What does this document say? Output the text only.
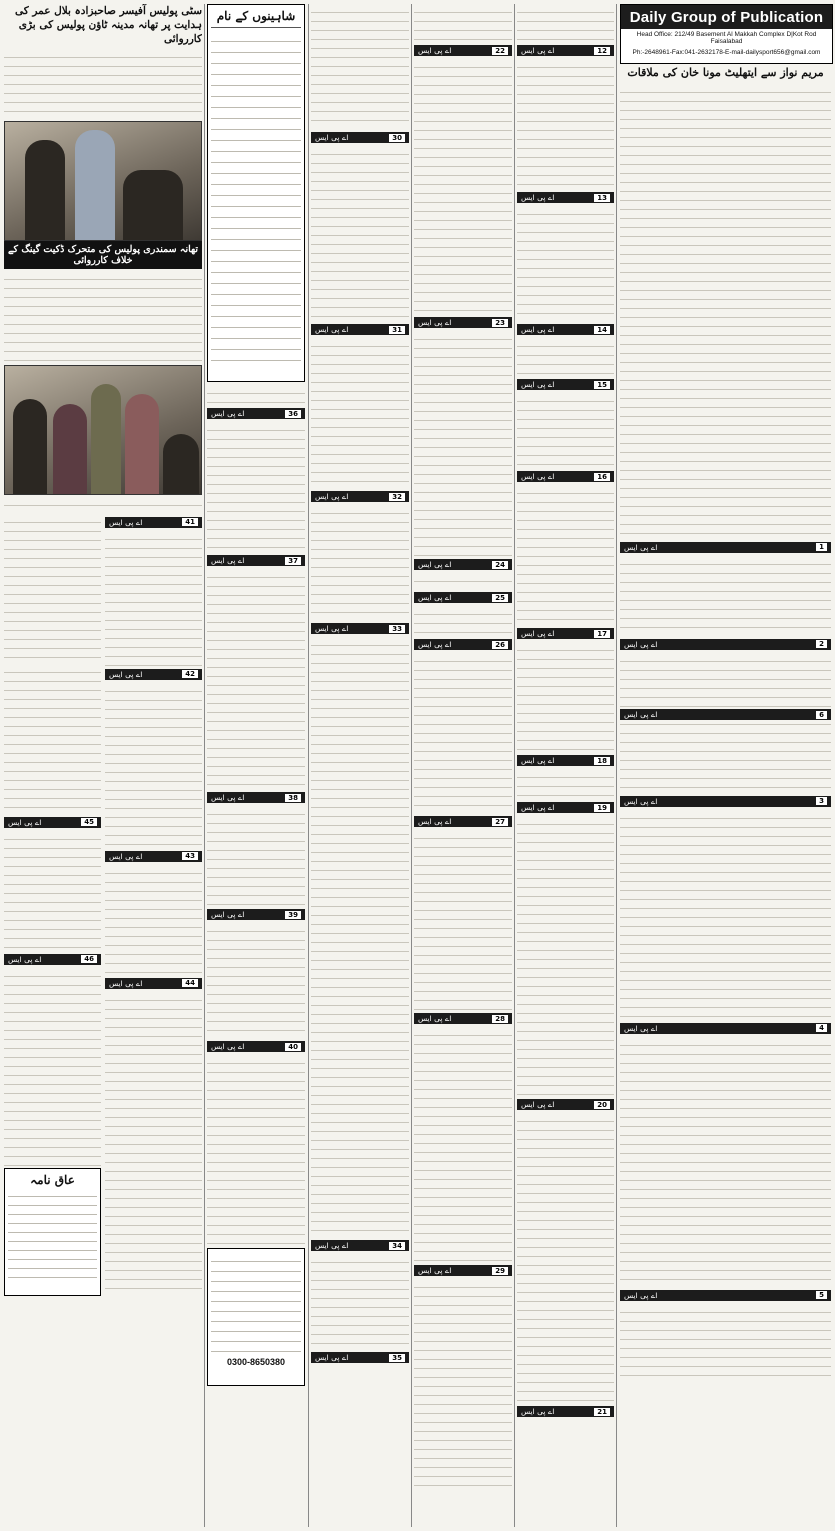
Daily Group of Publication
Head Office: 212/49 Basement Al Makkah Complex D|Kot Rod Faisalabad
Ph:-2648961-Fax:041-2632178-E-mail-dailysport656@gmail.com
مریم نواز سے ایتھلیٹ مونا خان کی ملاقات
اے پی ایس	1
اے پی ایس	2
اے پی ایس	3
اے پی ایس	4
اے پی ایس	5
اے پی ایس	12
اے پی ایس	13
اے پی ایس	14
اے پی ایس	15
اے پی ایس	16
اے پی ایس	17
اے پی ایس	18
اے پی ایس	19
اے پی ایس	20
اے پی ایس	21
اے پی ایس	22
اے پی ایس	23
اے پی ایس	24
اے پی ایس	25
اے پی ایس	26
اے پی ایس	27
اے پی ایس	28
اے پی ایس	29
اے پی ایس	30
اے پی ایس	31
اے پی ایس	32
اے پی ایس	33
اے پی ایس	34
اے پی ایس	35
شاہینوں کے نام
اے پی ایس	36
اے پی ایس	37
اے پی ایس	38
اے پی ایس	39
اے پی ایس	40
0300-8650380
سٹی پولیس آفیسر صاحبزادہ بلال عمر کی ہدایت پر تھانہ مدینہ ٹاؤن پولیس کی بڑی کارروائی
تھانہ سمندری پولیس کی متحرک ڈکیت گینگ کے خلاف کارروائی
اے پی ایس	45
اے پی ایس	46
عاق نامہ
اے پی ایس	41
اے پی ایس	42
اے پی ایس	43
اے پی ایس	44
اے پی ایس	6
